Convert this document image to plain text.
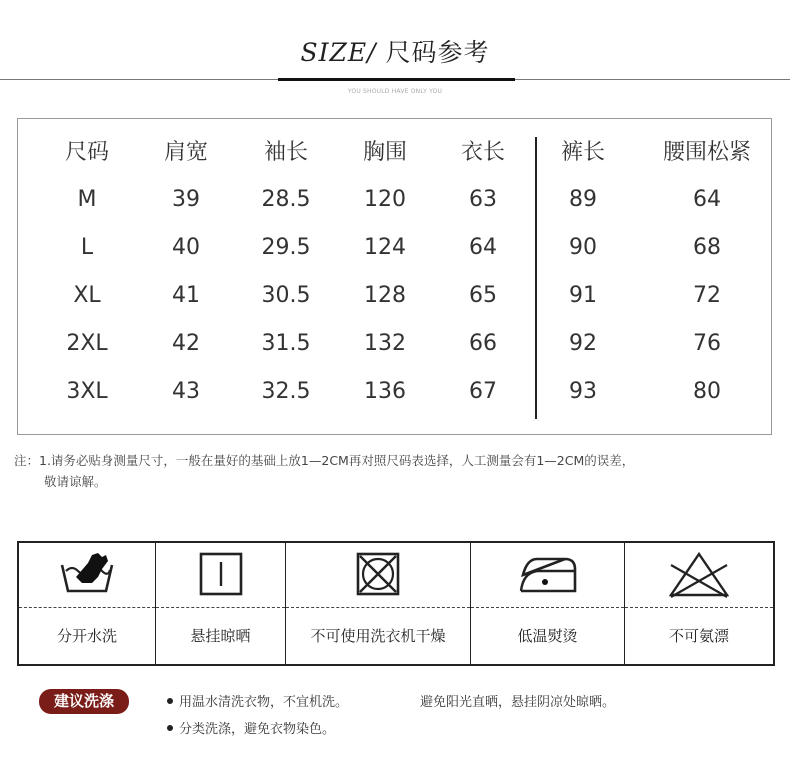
SIZE/ 尺码参考
YOU SHOULD HAVE ONLY YOU
尺码 肩宽	袖长 胸围 衣长	裤长	腰围松紧
M	39	28.5 120	63	89	64
L	40	29.5 124	64	90	68
XL	41	30.5 128	65	91	72
2XL	42	31.5 132	66	92	76
3XL	43	32.5 136	67	93	80
注：1.请务必贴身测量尺寸，一般在量好的基础上放1—2CM再对照尺码表选择，人工测量会有1—2CM的误差，
敬请谅解。
分开水洗	悬挂晾晒	不可使用洗衣机干燥	低温熨烫	不可氨漂
建议洗涤	用温水清洗衣物，不宜机洗。
分类洗涤，避免衣物染色。
避免阳光直晒，悬挂阴凉处晾晒。
